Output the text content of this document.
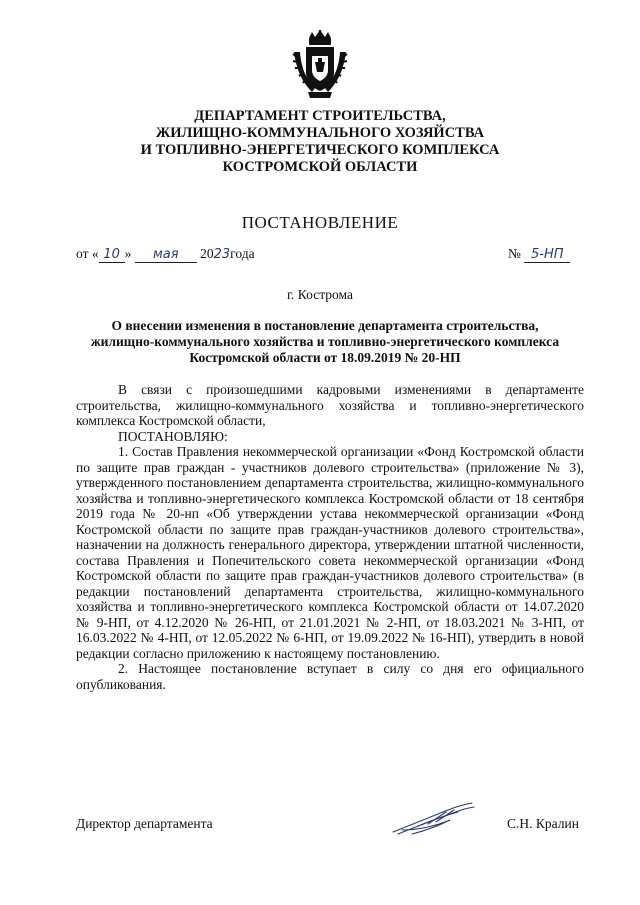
ДЕПАРТАМЕНТ СТРОИТЕЛЬСТВА,
ЖИЛИЩНО-КОММУНАЛЬНОГО ХОЗЯЙСТВА
И ТОПЛИВНО-ЭНЕРГЕТИЧЕСКОГО КОМПЛЕКСА
КОСТРОМСКОЙ ОБЛАСТИ
ПОСТАНОВЛЕНИЕ
от « 10 » мая 2023года	№ 5-НП
г. Кострома
О внесении изменения в постановление департамента строительства, жилищно-коммунального хозяйства и топливно-энергетического комплекса Костромской области от 18.09.2019 № 20-НП

В связи с произошедшими кадровыми изменениями в департаменте строительства, жилищно-коммунального хозяйства и топливно-энергетического комплекса Костромской области,

ПОСТАНОВЛЯЮ:

1. Состав Правления некоммерческой организации «Фонд Костромской области по защите прав граждан - участников долевого строительства» (приложение № 3), утвержденного постановлением департамента строительства, жилищно-коммунального хозяйства и топливно-энергетического комплекса Костромской области от 18 сентября 2019 года № 20-нп «Об утверждении устава некоммерческой организации «Фонд Костромской области по защите прав граждан-участников долевого строительства», назначении на должность генерального директора, утверждении штатной численности, состава Правления и Попечительского совета некоммерческой организации «Фонд Костромской области по защите прав граждан-участников долевого строительства» (в редакции постановлений департамента строительства, жилищно-коммунального хозяйства и топливно-энергетического комплекса Костромской области от 14.07.2020 № 9-НП, от 4.12.2020 № 26-НП, от 21.01.2021 № 2-НП, от 18.03.2021 № 3-НП, от 16.03.2022 № 4-НП, от 12.05.2022 № 6-НП, от 19.09.2022 № 16-НП), утвердить в новой редакции согласно приложению к настоящему постановлению.

2. Настоящее постановление вступает в силу со дня его официального опубликования.

Директор департамента	С.Н. Кралин
